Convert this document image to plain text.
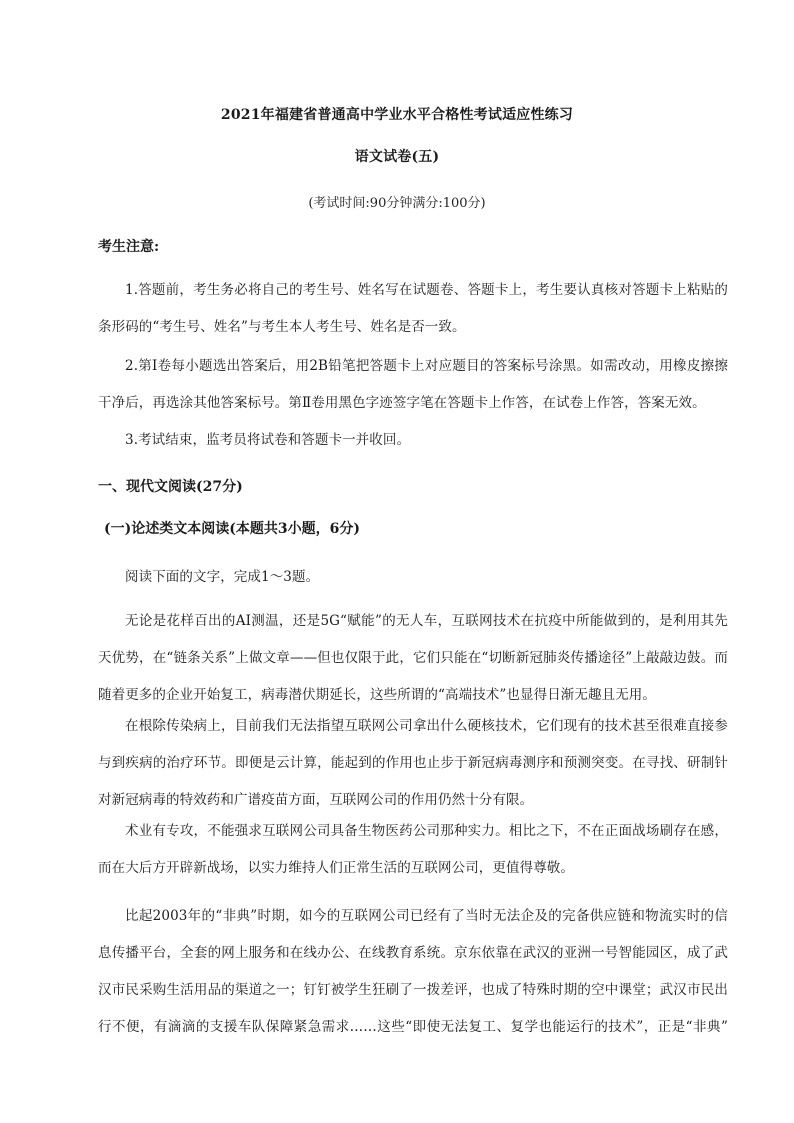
2021年福建省普通高中学业水平合格性考试适应性练习
语文试卷(五)
(考试时间:90分钟满分:100分)
考生注意:
1.答题前，考生务必将自己的考生号、姓名写在试题卷、答题卡上，考生要认真核对答题卡上粘贴的条形码的“考生号、姓名”与考生本人考生号、姓名是否一致。
2.第Ⅰ卷每小题选出答案后，用2B铅笔把答题卡上对应题目的答案标号涂黑。如需改动，用橡皮擦擦干净后，再选涂其他答案标号。第Ⅱ卷用黑色字迹签字笔在答题卡上作答，在试卷上作答，答案无效。
3.考试结束，监考员将试卷和答题卡一并收回。
一、现代文阅读(27分)
(一)论述类文本阅读(本题共3小题，6分)
阅读下面的文字，完成1～3题。
无论是花样百出的AI测温，还是5G“赋能”的无人车，互联网技术在抗疫中所能做到的，是利用其先天优势，在“链条关系”上做文章——但也仅限于此，它们只能在“切断新冠肺炎传播途径”上敲敲边鼓。而随着更多的企业开始复工，病毒潜伏期延长，这些所谓的“高端技术”也显得日渐无趣且无用。
在根除传染病上，目前我们无法指望互联网公司拿出什么硬核技术，它们现有的技术甚至很难直接参与到疾病的治疗环节。即便是云计算，能起到的作用也止步于新冠病毒测序和预测突变。在寻找、研制针对新冠病毒的特效药和广谱疫苗方面，互联网公司的作用仍然十分有限。
术业有专攻，不能强求互联网公司具备生物医药公司那种实力。相比之下，不在正面战场刷存在感，而在大后方开辟新战场，以实力维持人们正常生活的互联网公司，更值得尊敬。
比起2003年的“非典”时期，如今的互联网公司已经有了当时无法企及的完备供应链和物流实时的信息传播平台，全套的网上服务和在线办公、在线教育系统。京东依靠在武汉的亚洲一号智能园区，成了武汉市民采购生活用品的渠道之一；钉钉被学生狂刷了一拨差评，也成了特殊时期的空中课堂；武汉市民出行不便，有滴滴的支援车队保障紧急需求……这些“即使无法复工、复学也能运行的技术”，正是“非典”
